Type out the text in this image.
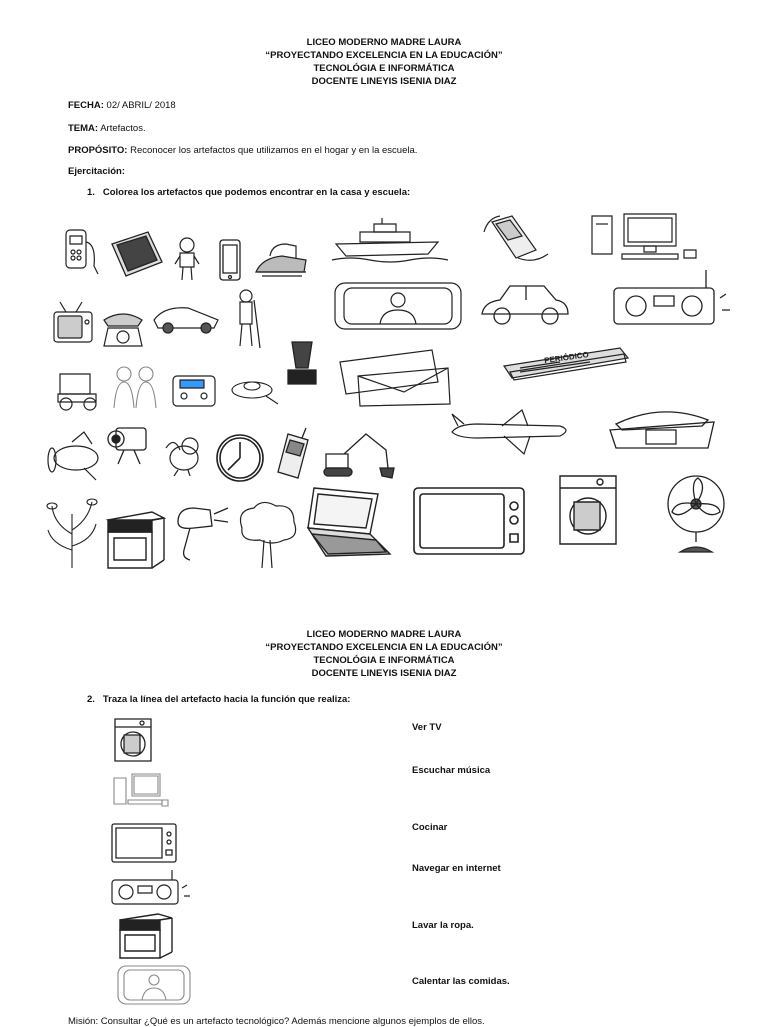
LICEO MODERNO MADRE LAURA
“PROYECTANDO EXCELENCIA EN LA EDUCACIÓN”
TECNOLÓGIA E INFORMÁTICA
DOCENTE LINEYIS ISENIA DIAZ
FECHA: 02/ ABRIL/ 2018
TEMA: Artefactos.
PROPÓSITO: Reconocer los artefactos que utilizamos en el hogar y en la escuela.
Ejercitación:
1. Colorea los artefactos que podemos encontrar en la casa y escuela:
PERIÓDICO
LICEO MODERNO MADRE LAURA
“PROYECTANDO EXCELENCIA EN LA EDUCACIÓN”
TECNOLÓGIA E INFORMÁTICA
DOCENTE LINEYIS ISENIA DIAZ
2. Traza la línea del artefacto hacia la función que realiza:
Ver TV
Escuchar música
Cocinar
Navegar en internet
Lavar la ropa.
Calentar las comidas.
Misión: Consultar ¿Qué es un artefacto tecnológico? Además mencione algunos ejemplos de ellos.
